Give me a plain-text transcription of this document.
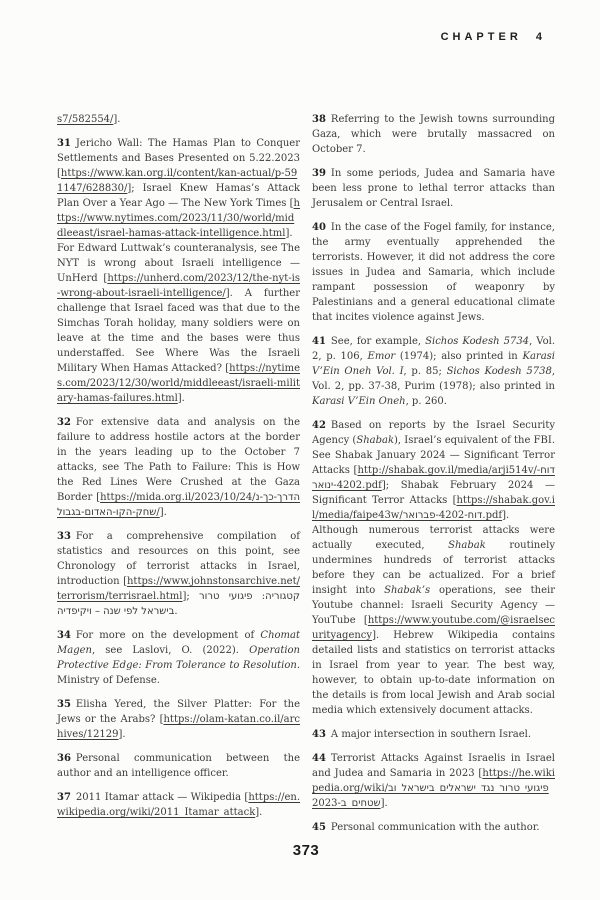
CHAPTER  4

s7/582554/].

31 Jericho Wall: The Hamas Plan to Conquer Settlements and Bases Presented on 5.22.2023 [https://www.kan.org.il/content/kan-actual/p-591147/628830/]; Israel Knew Hamas’s Attack Plan Over a Year Ago — The New York Times [https://www.nytimes.com/2023/11/30/world/middleeast/israel-hamas-attack-intelligence.html]. For Edward Luttwak’s counteranalysis, see The NYT is wrong about Israeli intelligence — UnHerd [https://unherd.com/2023/12/the-nyt-is-wrong-about-israeli-intelligence/]. A further challenge that Israel faced was that due to the Simchas Torah holiday, many soldiers were on leave at the time and the bases were thus understaffed. See Where Was the Israeli Military When Hamas Attacked? [https://nytimes.com/2023/12/30/world/middleeast/israeli-military-hamas-failures.html].

32 For extensive data and analysis on the failure to address hostile actors at the border in the years leading up to the October 7 attacks, see The Path to Failure: This is How the Red Lines Were Crushed at the Gaza Border [https://mida.org.il/2023/10/24/הדרך-כך-נשחק-הקו-האדום-בגבול/].

33 For a comprehensive compilation of statistics and resources on this point, see Chronology of terrorist attacks in Israel, introduction [https://www.johnstonsarchive.net/terrorism/terrisrael.html]; קטגוריה: פיגועי טרור בישראל לפי שנה – ויקיפדיה.

34 For more on the development of Chomat Magen, see Laslovi, O. (2022). Operation Protective Edge: From Tolerance to Resolution. Ministry of Defense.

35 Elisha Yered, the Silver Platter: For the Jews or the Arabs? [https://olam-katan.co.il/archives/12129].

36 Personal communication between the author and an intelligence officer.

37 2011 Itamar attack — Wikipedia [https://en.wikipedia.org/wiki/2011_Itamar_attack].

38 Referring to the Jewish towns surrounding Gaza, which were brutally massacred on October 7.

39 In some periods, Judea and Samaria have been less prone to lethal terror attacks than Jerusalem or Central Israel.

40 In the case of the Fogel family, for instance, the army eventually apprehended the terrorists. However, it did not address the core issues in Judea and Samaria, which include rampant possession of weaponry by Palestinians and a general educational climate that incites violence against Jews.

41 See, for example, Sichos Kodesh 5734, Vol. 2, p. 106, Emor (1974); also printed in Karasi V’Ein Oneh Vol. I, p. 85; Sichos Kodesh 5738, Vol. 2, pp. 37-38, Purim (1978); also printed in Karasi V’Ein Oneh, p. 260.

42 Based on reports by the Israel Security Agency (Shabak), Israel’s equivalent of the FBI. See Shabak January 2024 — Significant Terror Attacks [http://shabak.gov.il/media/arji514v/דוח-4202-ינואר.pdf]; Shabak February 2024 — Significant Terror Attacks [https://shabak.gov.il/media/faipe43w/דוח-4202-פברואר.pdf]. Although numerous terrorist attacks were actually executed, Shabak routinely undermines hundreds of terrorist attacks before they can be actualized. For a brief insight into Shabak’s operations, see their Youtube channel: Israeli Security Agency — YouTube [https://www.youtube.com/@israelsecurityagency]. Hebrew Wikipedia contains detailed lists and statistics on terrorist attacks in Israel from year to year. The best way, however, to obtain up-to-date information on the details is from local Jewish and Arab social media which extensively document attacks.

43 A major intersection in southern Israel.

44 Terrorist Attacks Against Israelis in Israel and Judea and Samaria in 2023 [https://he.wikipedia.org/wiki/פיגועי_טרור_נגד_ישראלים_בישראל_ובשטחים_ב-2023].

45 Personal communication with the author.

373
